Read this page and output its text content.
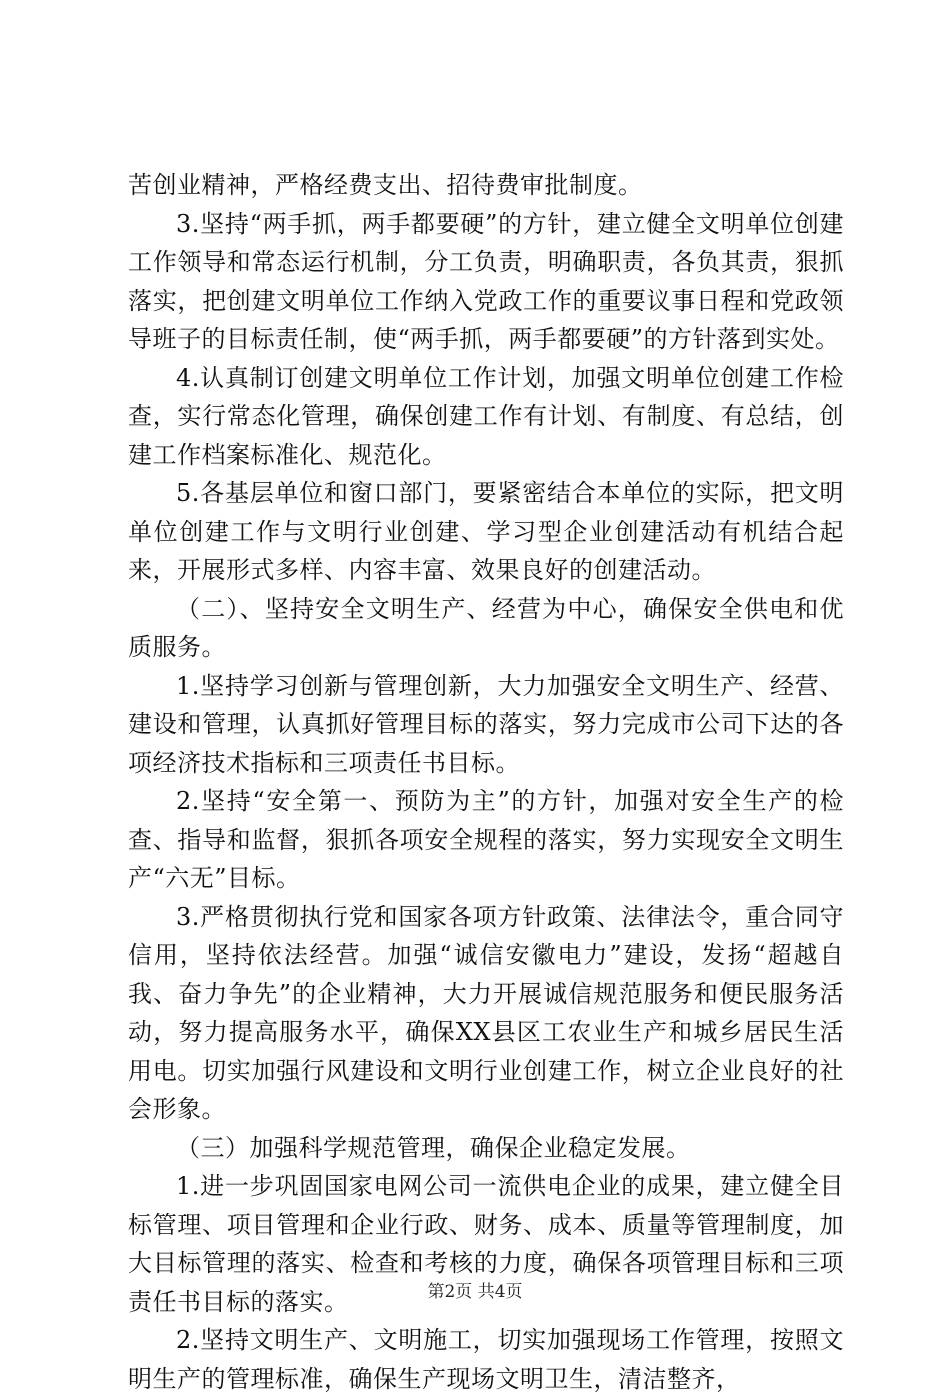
苦创业精神，严格经费支出、招待费审批制度。

3.坚持“两手抓，两手都要硬”的方针，建立健全文明单位创建工作领导和常态运行机制，分工负责，明确职责，各负其责，狠抓落实，把创建文明单位工作纳入党政工作的重要议事日程和党政领导班子的目标责任制，使“两手抓，两手都要硬”的方针落到实处。

4.认真制订创建文明单位工作计划，加强文明单位创建工作检查，实行常态化管理，确保创建工作有计划、有制度、有总结，创建工作档案标准化、规范化。

5.各基层单位和窗口部门，要紧密结合本单位的实际，把文明单位创建工作与文明行业创建、学习型企业创建活动有机结合起来，开展形式多样、内容丰富、效果良好的创建活动。

（二）、坚持安全文明生产、经营为中心，确保安全供电和优质服务。

1.坚持学习创新与管理创新，大力加强安全文明生产、经营、建设和管理，认真抓好管理目标的落实，努力完成市公司下达的各项经济技术指标和三项责任书目标。

2.坚持“安全第一、预防为主”的方针，加强对安全生产的检查、指导和监督，狠抓各项安全规程的落实，努力实现安全文明生产“六无”目标。

3.严格贯彻执行党和国家各项方针政策、法律法令，重合同守信用，坚持依法经营。加强“诚信安徽电力”建设，发扬“超越自我、奋力争先”的企业精神，大力开展诚信规范服务和便民服务活动，努力提高服务水平，确保XX县区工农业生产和城乡居民生活用电。切实加强行风建设和文明行业创建工作，树立企业良好的社会形象。

（三）加强科学规范管理，确保企业稳定发展。

1.进一步巩固国家电网公司一流供电企业的成果，建立健全目标管理、项目管理和企业行政、财务、成本、质量等管理制度，加大目标管理的落实、检查和考核的力度，确保各项管理目标和三项责任书目标的落实。

2.坚持文明生产、文明施工，切实加强现场工作管理，按照文明生产的管理标准，确保生产现场文明卫生，清洁整齐，

第2页 共4页
